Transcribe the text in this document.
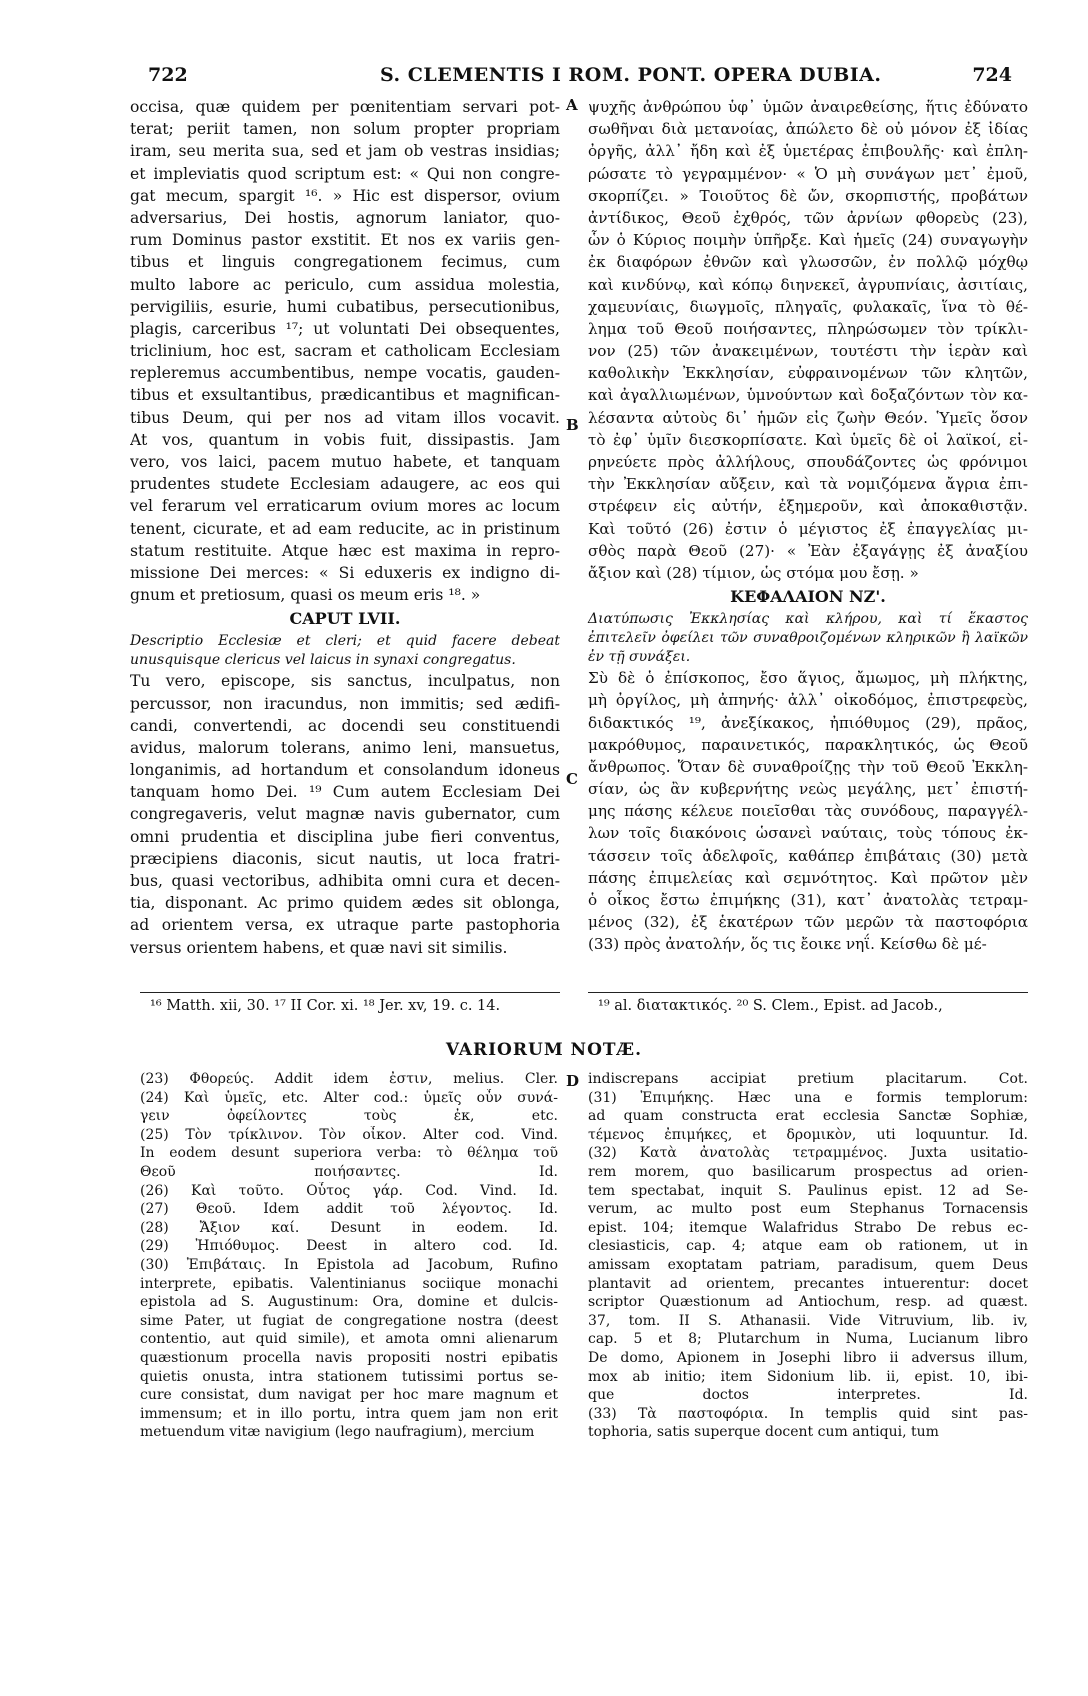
722	S. CLEMENTIS I ROM. PONT. OPERA DUBIA.	724
A
B
C
D
occisa, quæ quidem per pœnitentiam servari pot-
terat; periit tamen, non solum propter propriam
iram, seu merita sua, sed et jam ob vestras insidias;
et impleviatis quod scriptum est: « Qui non congre-
gat mecum, spargit ¹⁶. » Hic est dispersor, ovium
adversarius, Dei hostis, agnorum laniator, quo-
rum Dominus pastor exstitit. Et nos ex variis gen-
tibus et linguis congregationem fecimus, cum
multo labore ac periculo, cum assidua molestia,
pervigiliis, esurie, humi cubatibus, persecutionibus,
plagis, carceribus ¹⁷; ut voluntati Dei obsequentes,
triclinium, hoc est, sacram et catholicam Ecclesiam
repleremus accumbentibus, nempe vocatis, gauden-
tibus et exsultantibus, prædicantibus et magnifican-
tibus Deum, qui per nos ad vitam illos vocavit.
At vos, quantum in vobis fuit, dissipastis. Jam
vero, vos laici, pacem mutuo habete, et tanquam
prudentes studete Ecclesiam adaugere, ac eos qui
vel ferarum vel erraticarum ovium mores ac locum
tenent, cicurate, et ad eam reducite, ac in pristinum
statum restituite. Atque hæc est maxima in repro-
missione Dei merces: « Si eduxeris ex indigno di-
gnum et pretiosum, quasi os meum eris ¹⁸. »
CAPUT LVII.
Descriptio Ecclesiæ et cleri; et quid facere debeat unusquisque clericus vel laicus in synaxi congregatus.
Tu vero, episcope, sis sanctus, inculpatus, non
percussor, non iracundus, non immitis; sed ædifi-
candi, convertendi, ac docendi seu constituendi
avidus, malorum tolerans, animo leni, mansuetus,
longanimis, ad hortandum et consolandum idoneus
tanquam homo Dei. ¹⁹ Cum autem Ecclesiam Dei
congregaveris, velut magnæ navis gubernator, cum
omni prudentia et disciplina jube fieri conventus,
præcipiens diaconis, sicut nautis, ut loca fratri-
bus, quasi vectoribus, adhibita omni cura et decen-
tia, disponant. Ac primo quidem ædes sit oblonga,
ad orientem versa, ex utraque parte pastophoria
versus orientem habens, et quæ navi sit similis.
ψυχῆς ἀνθρώπου ὑφ᾽ ὑμῶν ἀναιρεθείσης, ἥτις ἐδύνατο
σωθῆναι διὰ μετανοίας, ἀπώλετο δὲ οὐ μόνον ἐξ ἰδίας
ὀργῆς, ἀλλ᾽ ἤδη καὶ ἐξ ὑμετέρας ἐπιβουλῆς· καὶ ἐπλη-
ρώσατε τὸ γεγραμμένον· « Ὁ μὴ συνάγων μετ᾽ ἐμοῦ,
σκορπίζει. » Τοιοῦτος δὲ ὤν, σκορπιστής, προβάτων
ἀντίδικος, Θεοῦ ἐχθρός, τῶν ἀρνίων φθορεὺς (23),
ὧν ὁ Κύριος ποιμὴν ὑπῆρξε. Καὶ ἡμεῖς (24) συναγωγὴν
ἐκ διαφόρων ἐθνῶν καὶ γλωσσῶν, ἐν πολλῷ μόχθῳ
καὶ κινδύνῳ, καὶ κόπῳ διηνεκεῖ, ἀγρυπνίαις, ἀσιτίαις,
χαμευνίαις, διωγμοῖς, πληγαῖς, φυλακαῖς, ἵνα τὸ θέ-
λημα τοῦ Θεοῦ ποιήσαντες, πληρώσωμεν τὸν τρίκλι-
νον (25) τῶν ἀνακειμένων, τουτέστι τὴν ἱερὰν καὶ
καθολικὴν Ἐκκλησίαν, εὐφραινομένων τῶν κλητῶν,
καὶ ἀγαλλιωμένων, ὑμνούντων καὶ δοξαζόντων τὸν κα-
λέσαντα αὐτοὺς δι᾽ ἡμῶν εἰς ζωὴν Θεόν. Ὑμεῖς ὅσον
τὸ ἐφ᾽ ὑμῖν διεσκορπίσατε. Καὶ ὑμεῖς δὲ οἱ λαϊκοί, εἰ-
ρηνεύετε πρὸς ἀλλήλους, σπουδάζοντες ὡς φρόνιμοι
τὴν Ἐκκλησίαν αὔξειν, καὶ τὰ νομιζόμενα ἄγρια ἐπι-
στρέφειν εἰς αὐτήν, ἐξημεροῦν, καὶ ἀποκαθιστᾷν.
Καὶ τοῦτό (26) ἐστιν ὁ μέγιστος ἐξ ἐπαγγελίας μι-
σθὸς παρὰ Θεοῦ (27)· « Ἐὰν ἐξαγάγῃς ἐξ ἀναξίου
ἄξιον καὶ (28) τίμιον, ὡς στόμα μου ἔσῃ. »
ΚΕΦΑΛΑΙΟΝ ΝΖ'.
Διατύπωσις Ἐκκλησίας καὶ κλήρου, καὶ τί ἕκαστος ἐπιτελεῖν ὀφείλει τῶν συναθροιζομένων κληρικῶν ἢ λαϊκῶν ἐν τῇ συνάξει.
Σὺ δὲ ὁ ἐπίσκοπος, ἔσο ἅγιος, ἄμωμος, μὴ πλήκτης,
μὴ ὀργίλος, μὴ ἀπηνής· ἀλλ᾽ οἰκοδόμος, ἐπιστρεφεὺς,
διδακτικός ¹⁹, ἀνεξίκακος, ἠπιόθυμος (29), πρᾶος,
μακρόθυμος, παραινετικός, παρακλητικός, ὡς Θεοῦ
ἄνθρωπος. Ὅταν δὲ συναθροίζῃς τὴν τοῦ Θεοῦ Ἐκκλη-
σίαν, ὡς ἂν κυβερνήτης νεὼς μεγάλης, μετ᾽ ἐπιστή-
μης πάσης κέλευε ποιεῖσθαι τὰς συνόδους, παραγγέλ-
λων τοῖς διακόνοις ὡσανεὶ ναύταις, τοὺς τόπους ἐκ-
τάσσειν τοῖς ἀδελφοῖς, καθάπερ ἐπιβάταις (30) μετὰ
πάσης ἐπιμελείας καὶ σεμνότητος. Καὶ πρῶτον μὲν
ὁ οἶκος ἔστω ἐπιμήκης (31), κατ᾽ ἀνατολὰς τετραμ-
μένος (32), ἐξ ἑκατέρων τῶν μερῶν τὰ παστοφόρια
(33) πρὸς ἀνατολήν, ὅς τις ἔοικε νηΐ. Κείσθω δὲ μέ-
¹⁶ Matth. xii, 30. ¹⁷ II Cor. xi. ¹⁸ Jer. xv, 19. c. 14.	¹⁹ al. διατακτικός. ²⁰ S. Clem., Epist. ad Jacob.,
VARIORUM NOTÆ.
(23) Φθορεύς. Addit idem ἐστιν, melius. Cler.
(24) Καὶ ὑμεῖς, etc. Alter cod.: ὑμεῖς οὖν συνά-
γειν ὀφείλοντες τοὺς ἐκ, etc.
(25) Τὸν τρίκλινον. Τὸν οἶκον. Alter cod. Vind.
In eodem desunt superiora verba: τὸ θέλημα τοῦ
Θεοῦ ποιήσαντες. Id.
(26) Καὶ τοῦτο. Οὗτος γάρ. Cod. Vind. Id.
(27) Θεοῦ. Idem addit τοῦ λέγοντος. Id.
(28) Ἄξιον καί. Desunt in eodem. Id.
(29) Ἠπιόθυμος. Deest in altero cod. Id.
(30) Ἐπιβάταις. In Epistola ad Jacobum, Rufino
interprete, epibatis. Valentinianus sociique monachi
epistola ad S. Augustinum: Ora, domine et dulcis-
sime Pater, ut fugiat de congregatione nostra (deest
contentio, aut quid simile), et amota omni alienarum
quæstionum procella navis propositi nostri epibatis
quietis onusta, intra stationem tutissimi portus se-
cure consistat, dum navigat per hoc mare magnum et
immensum; et in illo portu, intra quem jam non erit
metuendum vitæ navigium (lego naufragium), mercium
indiscrepans accipiat pretium placitarum. Cot.
(31) Ἐπιμήκης. Hæc una e formis templorum:
ad quam constructa erat ecclesia Sanctæ Sophiæ,
τέμενος ἐπιμήκες, et δρομικὸν, uti loquuntur. Id.
(32) Κατὰ ἀνατολὰς τετραμμένος. Juxta usitatio-
rem morem, quo basilicarum prospectus ad orien-
tem spectabat, inquit S. Paulinus epist. 12 ad Se-
verum, ac multo post eum Stephanus Tornacensis
epist. 104; itemque Walafridus Strabo De rebus ec-
clesiasticis, cap. 4; atque eam ob rationem, ut in
amissam exoptatam patriam, paradisum, quem Deus
plantavit ad orientem, precantes intuerentur: docet
scriptor Quæstionum ad Antiochum, resp. ad quæst.
37, tom. II S. Athanasii. Vide Vitruvium, lib. iv,
cap. 5 et 8; Plutarchum in Numa, Lucianum libro
De domo, Apionem in Josephi libro ii adversus illum,
mox ab initio; item Sidonium lib. ii, epist. 10, ibi-
que doctos interpretes. Id.
(33) Τὰ παστοφόρια. In templis quid sint pas-
tophoria, satis superque docent cum antiqui, tum
